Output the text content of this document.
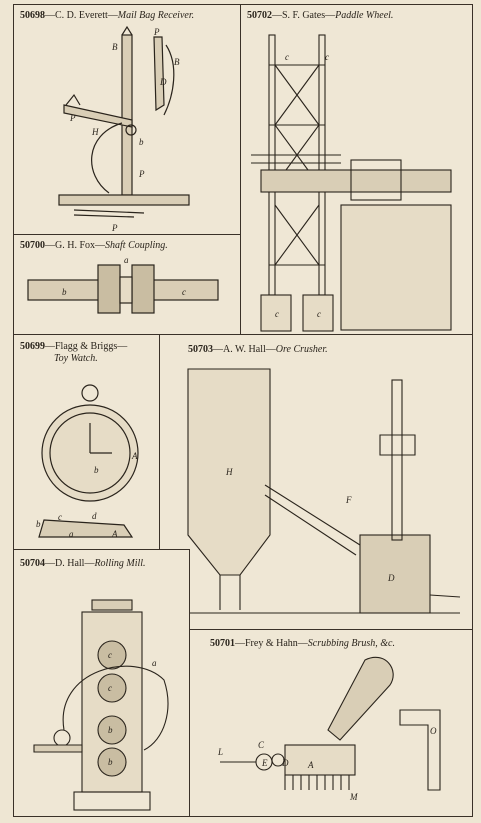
50698—C. D. Everett—Mail Bag Receiver.
B
P
B
D
H
P
b
P
P
50702—S. F. Gates—Paddle Wheel.
c	c
c	c
50700—G. H. Fox—Shaft Coupling.
a
b	c
50699—Flagg & Briggs—
Toy Watch.
A
b
b
c	d
a	A
50703—A. W. Hall—Ore Crusher.
H
F
D
50704—D. Hall—Rolling Mill.
c
c
b
b
a
50701—Frey & Hahn—Scrubbing Brush, &c.
L
C
E D A
M
O
